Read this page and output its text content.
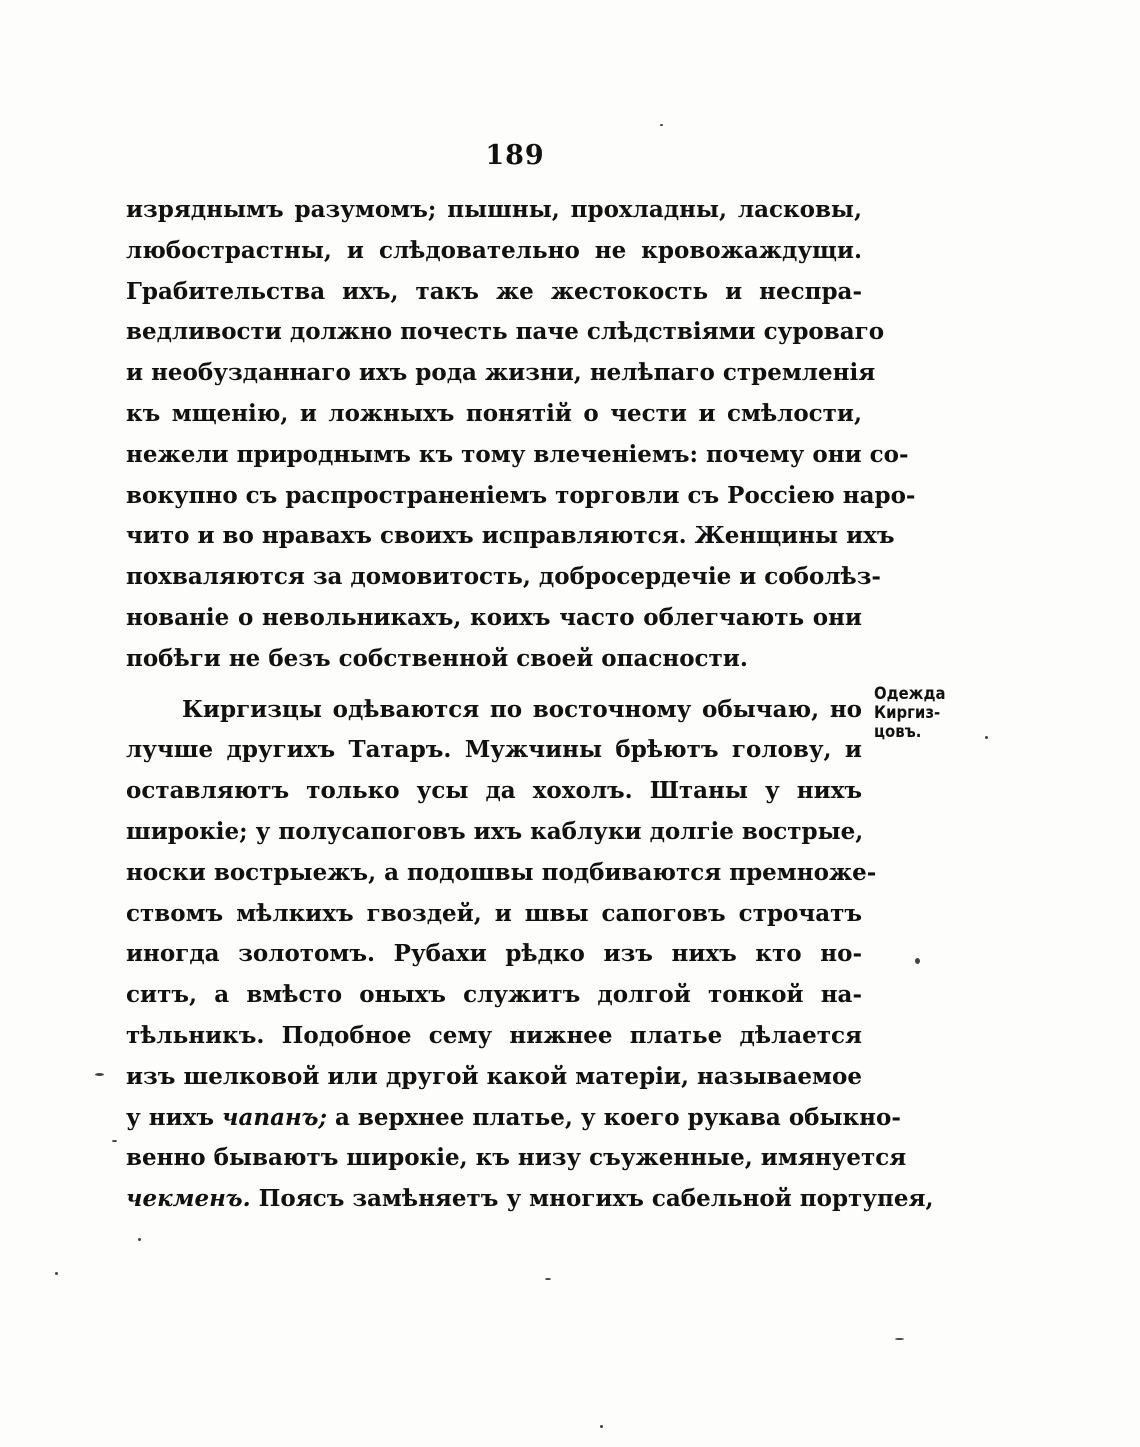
189
изряднымъ разумомъ; пышны, прохладны, ласковы,
любострастны, и слѣдовательно не кровожаждущи.
Грабительства ихъ, такъ же жестокость и неспра-
ведливости должно почесть паче слѣдствіями суроваго
и необузданнаго ихъ рода жизни, нелѣпаго стремленія
къ мщенію, и ложныхъ понятій о чести и смѣлости,
нежели природнымъ къ тому влеченіемъ: почему они со-
вокупно съ распространеніемъ торговли съ Россіею наро-
чито и во нравахъ своихъ исправляются. Женщины ихъ
похваляются за домовитость, добросердечіе и соболѣз-
нованіе о невольникахъ, коихъ часто облегчають они
побѣги не безъ собственной своей опасности.
Киргизцы одѣваются по восточному обычаю, но
лучше другихъ Татаръ. Мужчины брѣютъ голову, и
оставляютъ только усы да хохолъ. Штаны у нихъ
широкіе; у полусапоговъ ихъ каблуки долгіе вострые,
носки вострыежъ, а подошвы подбиваются премноже-
ствомъ мѣлкихъ гвоздей, и швы сапоговъ строчатъ
иногда золотомъ. Рубахи рѣдко изъ нихъ кто но-
ситъ, а вмѣсто оныхъ служитъ долгой тонкой на-
тѣльникъ. Подобное сему нижнее платье дѣлается
изъ шелковой или другой какой матеріи, называемое
у нихъ чапанъ; а верхнее платье, у коего рукава обыкно-
венно бываютъ широкіе, къ низу съуженные, имянуется
чекменъ. Поясъ замѣняетъ у многихъ сабельной портупея,
Одежда
Киргиз-
цовъ.
